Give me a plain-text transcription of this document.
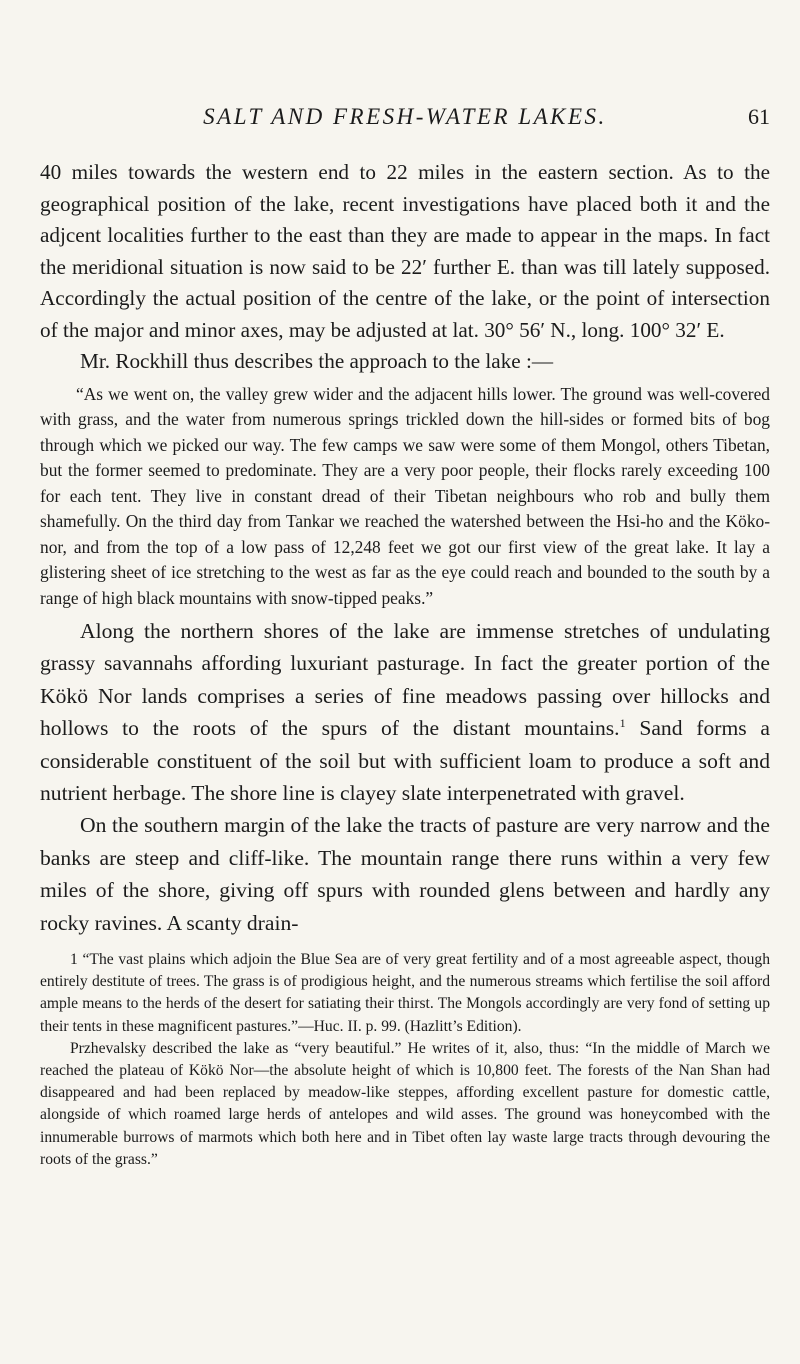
SALT AND FRESH-WATER LAKES.	61

40 miles towards the western end to 22 miles in the eastern section. As to the geographical position of the lake, recent investigations have placed both it and the adjcent localities further to the east than they are made to appear in the maps. In fact the meridional situation is now said to be 22′ further E. than was till lately supposed. Accordingly the actual position of the centre of the lake, or the point of intersection of the major and minor axes, may be adjusted at lat. 30° 56′ N., long. 100° 32′ E.

Mr. Rockhill thus describes the approach to the lake :—

“As we went on, the valley grew wider and the adjacent hills lower. The ground was well-covered with grass, and the water from numerous springs trickled down the hill-sides or formed bits of bog through which we picked our way. The few camps we saw were some of them Mongol, others Tibetan, but the former seemed to predominate. They are a very poor people, their flocks rarely exceeding 100 for each tent. They live in constant dread of their Tibetan neighbours who rob and bully them shamefully. On the third day from Tankar we reached the watershed between the Hsi-ho and the Köko-nor, and from the top of a low pass of 12,248 feet we got our first view of the great lake. It lay a glistering sheet of ice stretching to the west as far as the eye could reach and bounded to the south by a range of high black mountains with snow-tipped peaks.”

Along the northern shores of the lake are immense stretches of undulating grassy savannahs affording luxuriant pasturage. In fact the greater portion of the Kökö Nor lands comprises a series of fine meadows passing over hillocks and hollows to the roots of the spurs of the distant mountains.$^1$ Sand forms a considerable constituent of the soil but with sufficient loam to produce a soft and nutrient herbage. The shore line is clayey slate interpenetrated with gravel.

On the southern margin of the lake the tracts of pasture are very narrow and the banks are steep and cliff-like. The mountain range there runs within a very few miles of the shore, giving off spurs with rounded glens between and hardly any rocky ravines. A scanty drain-

1 “The vast plains which adjoin the Blue Sea are of very great fertility and of a most agreeable aspect, though entirely destitute of trees. The grass is of prodigious height, and the numerous streams which fertilise the soil afford ample means to the herds of the desert for satiating their thirst. The Mongols accordingly are very fond of setting up their tents in these magnificent pastures.”—Huc. II. p. 99. (Hazlitt’s Edition).

Przhevalsky described the lake as “very beautiful.” He writes of it, also, thus: “In the middle of March we reached the plateau of Kökö Nor—the absolute height of which is 10,800 feet. The forests of the Nan Shan had disappeared and had been replaced by meadow-like steppes, affording excellent pasture for domestic cattle, alongside of which roamed large herds of antelopes and wild asses. The ground was honeycombed with the innumerable burrows of marmots which both here and in Tibet often lay waste large tracts through devouring the roots of the grass.”
